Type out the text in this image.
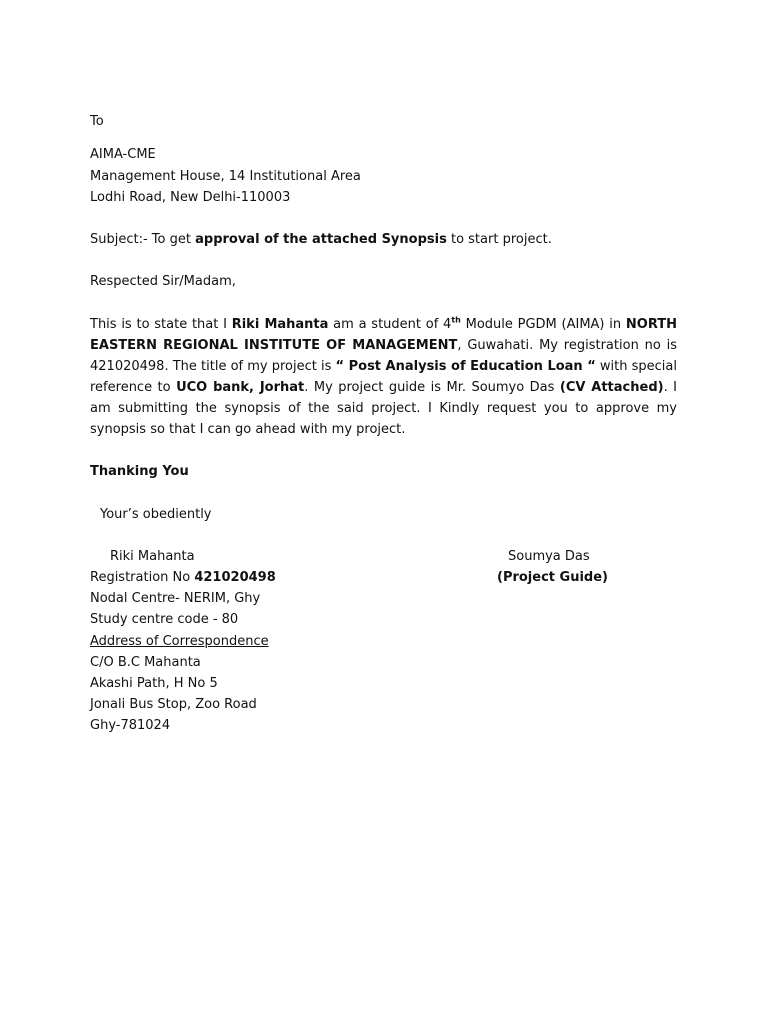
To
AIMA-CME
Management House, 14 Institutional Area
Lodhi Road, New Delhi-110003
Subject:- To get approval of the attached Synopsis to start project.
Respected Sir/Madam,
This is to state that I Riki Mahanta am a student of 4th Module PGDM (AIMA) in NORTH EASTERN REGIONAL INSTITUTE OF MANAGEMENT, Guwahati. My registration no is 421020498. The title of my project is “ Post Analysis of Education Loan “ with special reference to UCO bank, Jorhat. My project guide is Mr. Soumyo Das (CV Attached). I am submitting the synopsis of the said project. I Kindly request you to approve my synopsis so that I can go ahead with my project.
Thanking You
Your’s obediently
Riki Mahanta
Registration No 421020498
Nodal Centre- NERIM, Ghy
Study centre code - 80
Address of Correspondence
C/O B.C Mahanta
Akashi Path, H No 5
Jonali Bus Stop, Zoo Road
Ghy-781024
Soumya Das
(Project Guide)
